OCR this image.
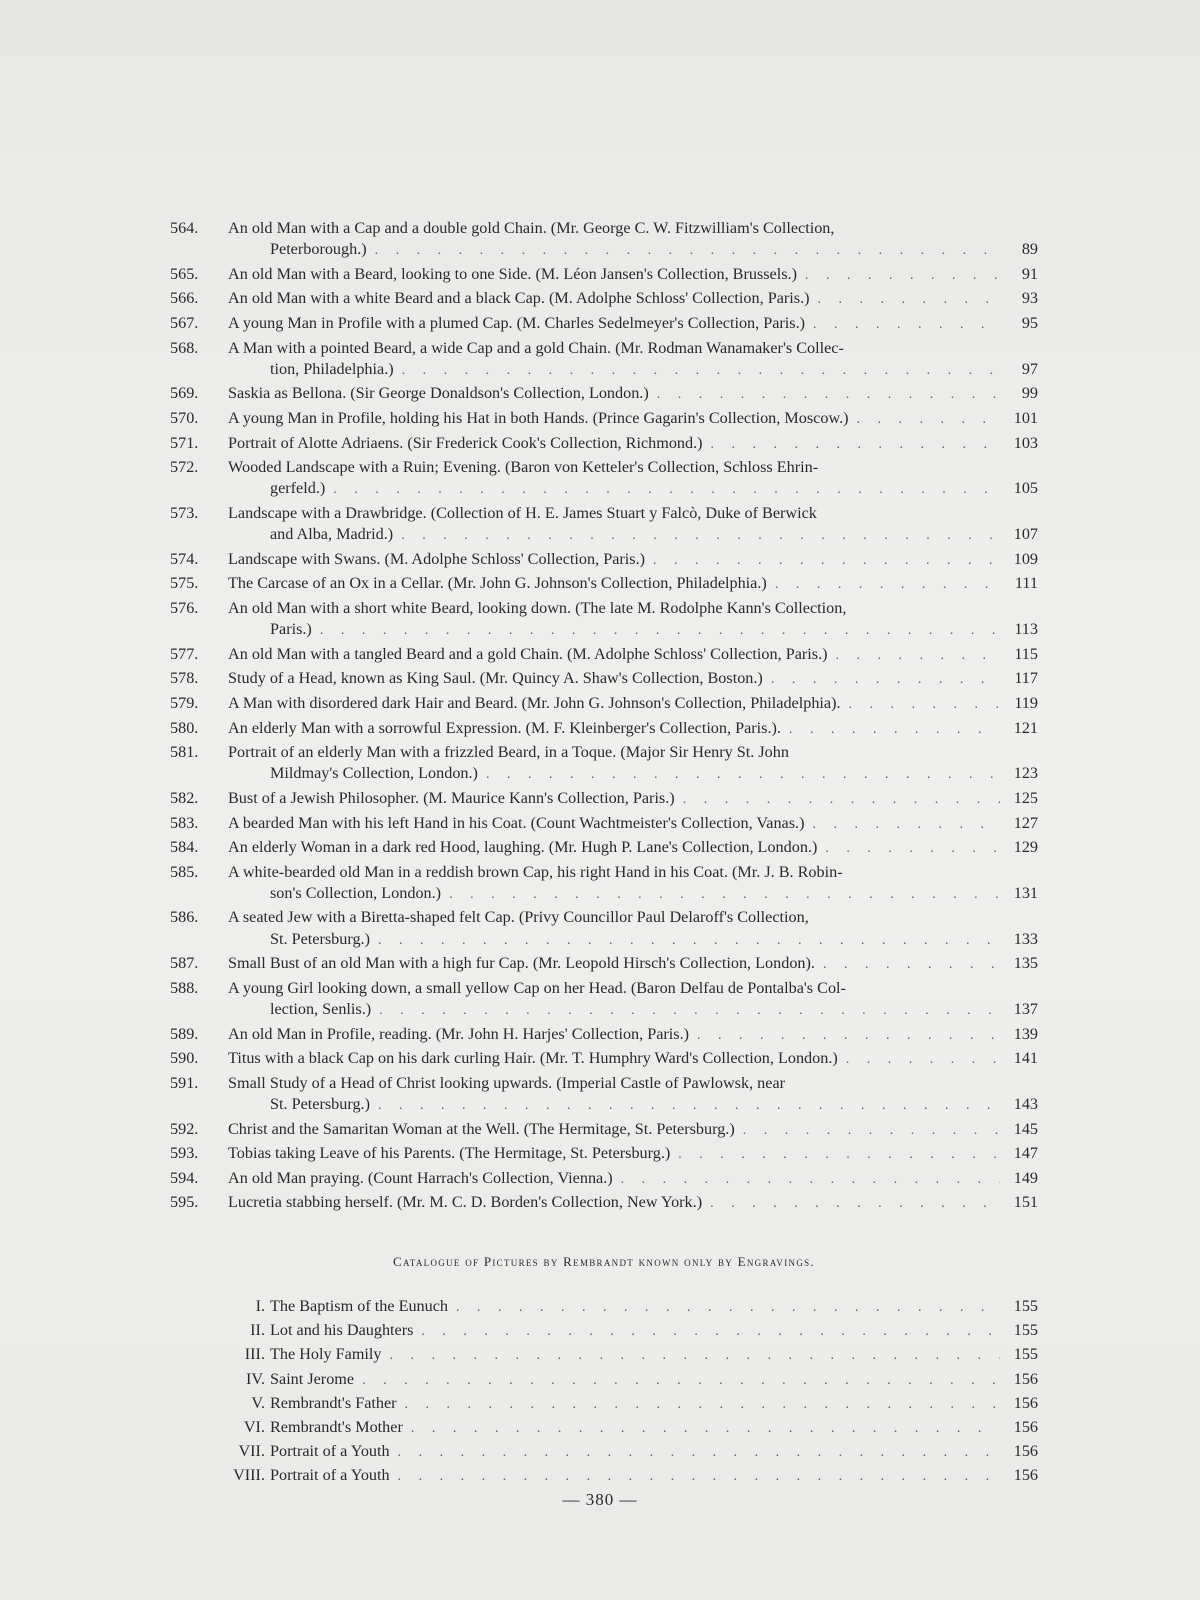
564.	An old Man with a Cap and a double gold Chain. (Mr. George C. W. Fitzwilliam's Collection,
Peterborough.) . . .	89
565.	An old Man with a Beard, looking to one Side. (M. Léon Jansen's Collection, Brussels.) . . .	91
566.	An old Man with a white Beard and a black Cap. (M. Adolphe Schloss' Collection, Paris.) . . .	93
567.	A young Man in Profile with a plumed Cap. (M. Charles Sedelmeyer's Collection, Paris.) . . .	95
568.	A Man with a pointed Beard, a wide Cap and a gold Chain. (Mr. Rodman Wanamaker's Collec-
tion, Philadelphia.) . . .	97
569.	Saskia as Bellona. (Sir George Donaldson's Collection, London.) . . .	99
570.	A young Man in Profile, holding his Hat in both Hands. (Prince Gagarin's Collection, Moscow.) . . .	101
571.	Portrait of Alotte Adriaens. (Sir Frederick Cook's Collection, Richmond.) . . .	103
572.	Wooded Landscape with a Ruin; Evening. (Baron von Ketteler's Collection, Schloss Ehrin-
gerfeld.) . . .	105
573.	Landscape with a Drawbridge. (Collection of H. E. James Stuart y Falcò, Duke of Berwick
and Alba, Madrid.) . . .	107
574.	Landscape with Swans. (M. Adolphe Schloss' Collection, Paris.) . . .	109
575.	The Carcase of an Ox in a Cellar. (Mr. John G. Johnson's Collection, Philadelphia.) . . .	111
576.	An old Man with a short white Beard, looking down. (The late M. Rodolphe Kann's Collection,
Paris.) . . .	113
577.	An old Man with a tangled Beard and a gold Chain. (M. Adolphe Schloss' Collection, Paris.) . . .	115
578.	Study of a Head, known as King Saul. (Mr. Quincy A. Shaw's Collection, Boston.) . . .	117
579.	A Man with disordered dark Hair and Beard. (Mr. John G. Johnson's Collection, Philadelphia). . . .	119
580.	An elderly Man with a sorrowful Expression. (M. F. Kleinberger's Collection, Paris.). . . .	121
581.	Portrait of an elderly Man with a frizzled Beard, in a Toque. (Major Sir Henry St. John
Mildmay's Collection, London.) . . .	123
582.	Bust of a Jewish Philosopher. (M. Maurice Kann's Collection, Paris.) . . .	125
583.	A bearded Man with his left Hand in his Coat. (Count Wachtmeister's Collection, Vanas.) . . .	127
584.	An elderly Woman in a dark red Hood, laughing. (Mr. Hugh P. Lane's Collection, London.) . . .	129
585.	A white-bearded old Man in a reddish brown Cap, his right Hand in his Coat. (Mr. J. B. Robin-
son's Collection, London.) . . .	131
586.	A seated Jew with a Biretta-shaped felt Cap. (Privy Councillor Paul Delaroff's Collection,
St. Petersburg.) . . .	133
587.	Small Bust of an old Man with a high fur Cap. (Mr. Leopold Hirsch's Collection, London). . . .	135
588.	A young Girl looking down, a small yellow Cap on her Head. (Baron Delfau de Pontalba's Col-
lection, Senlis.) . . .	137
589.	An old Man in Profile, reading. (Mr. John H. Harjes' Collection, Paris.) . . .	139
590.	Titus with a black Cap on his dark curling Hair. (Mr. T. Humphry Ward's Collection, London.) . . .	141
591.	Small Study of a Head of Christ looking upwards. (Imperial Castle of Pawlowsk, near
St. Petersburg.) . . .	143
592.	Christ and the Samaritan Woman at the Well. (The Hermitage, St. Petersburg.) . . .	145
593.	Tobias taking Leave of his Parents. (The Hermitage, St. Petersburg.) . . .	147
594.	An old Man praying. (Count Harrach's Collection, Vienna.) . . .	149
595.	Lucretia stabbing herself. (Mr. M. C. D. Borden's Collection, New York.) . . .	151
Catalogue of Pictures by Rembrandt known only by Engravings.
I. The Baptism of the Eunuch . . .	155
II. Lot and his Daughters . . .	155
III. The Holy Family . . .	155
IV. Saint Jerome . . .	156
V. Rembrandt's Father . . .	156
VI. Rembrandt's Mother . . .	156
VII. Portrait of a Youth . . .	156
VIII. Portrait of a Youth . . .	156
— 380 —
